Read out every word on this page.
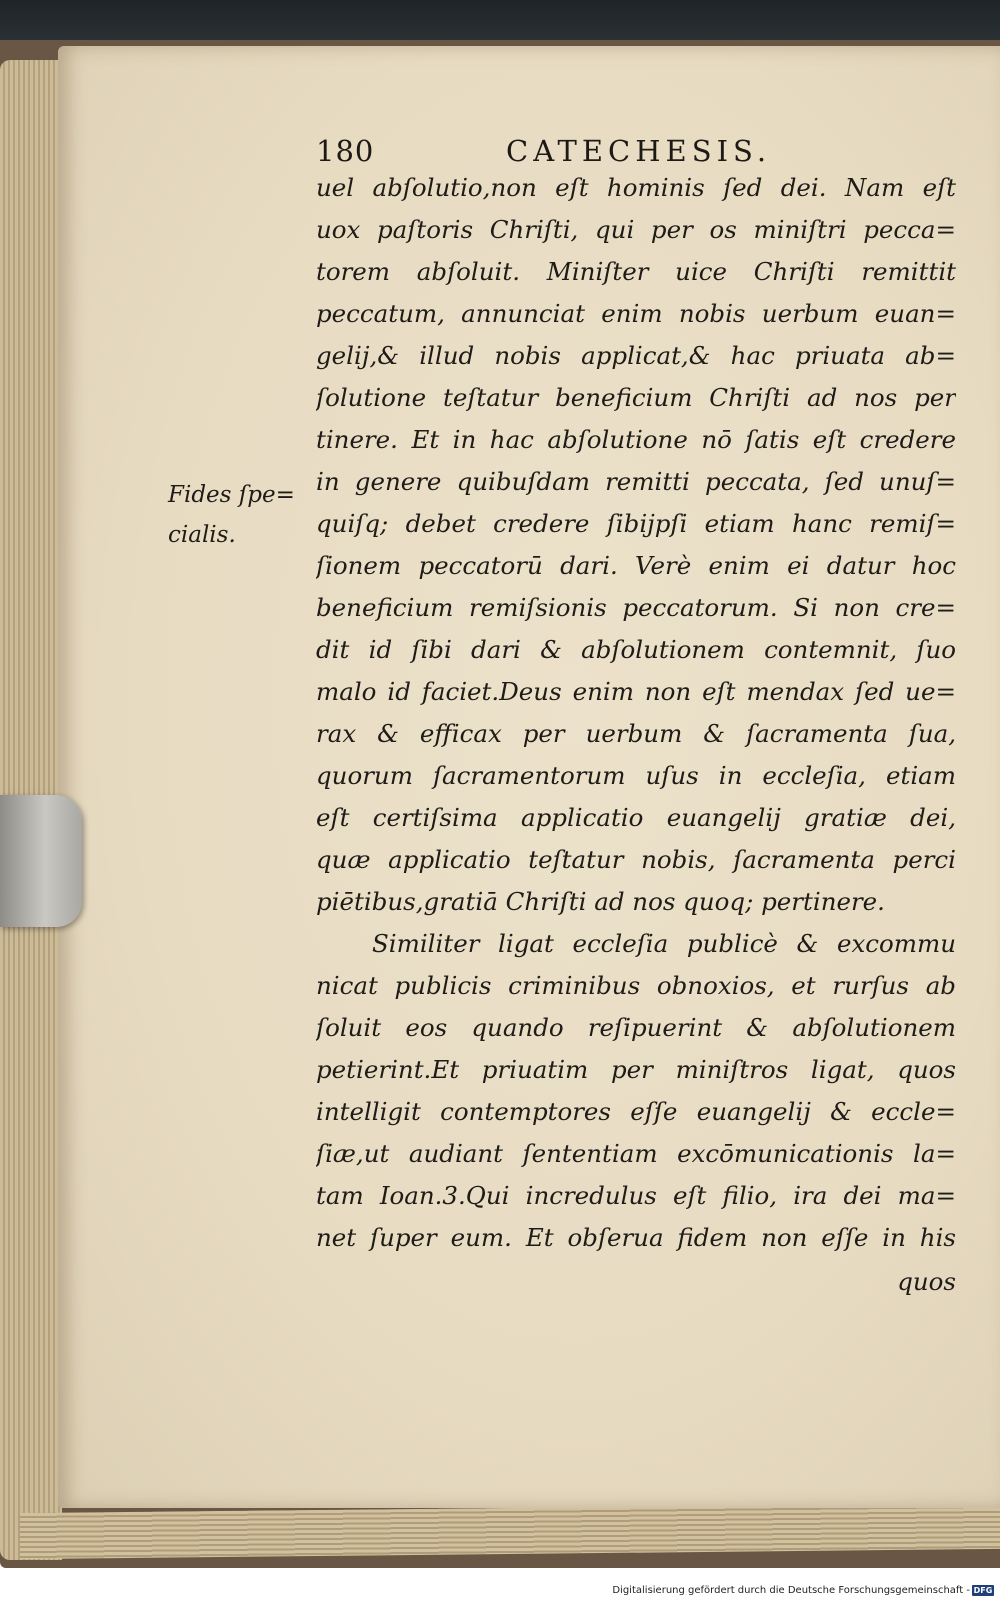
180	CATECHESIS.
Fides ſpe=
cialis.
uel abſolutio,non eſt hominis ſed dei. Nam eſt
uox paſtoris Chriſti, qui per os miniſtri pecca=
torem abſoluit. Miniſter uice Chriſti remittit
peccatum, annunciat enim nobis uerbum euan=
gelij,& illud nobis applicat,& hac priuata ab=
ſolutione teſtatur beneficium Chriſti ad nos per
tinere. Et in hac abſolutione nō ſatis eſt credere
in genere quibuſdam remitti peccata, ſed unuſ=
quiſq; debet credere ſibijpſi etiam hanc remiſ=
ſionem peccatorū dari. Verè enim ei datur hoc
beneficium remiſsionis peccatorum. Si non cre=
dit id ſibi dari & abſolutionem contemnit, ſuo
malo id faciet.Deus enim non eſt mendax ſed ue=
rax & efficax per uerbum & ſacramenta ſua,
quorum ſacramentorum uſus in eccleſia, etiam
eſt certiſsima applicatio euangelij gratiæ dei,
quæ applicatio teſtatur nobis, ſacramenta perci
piētibus,gratiā Chriſti ad nos quoq; pertinere.
Similiter ligat eccleſia publicè & excommu
nicat publicis criminibus obnoxios, et rurſus ab
ſoluit eos quando reſipuerint & abſolutionem
petierint.Et priuatim per miniſtros ligat, quos
intelligit contemptores eſſe euangelij & eccle=
ſiæ,ut audiant ſententiam excōmunicationis la=
tam Ioan.3.Qui incredulus eſt filio, ira dei ma=
net ſuper eum. Et obſerua fidem non eſſe in his
quos
Digitalisierung gefördert durch die Deutsche Forschungsgemeinschaft - DFG
